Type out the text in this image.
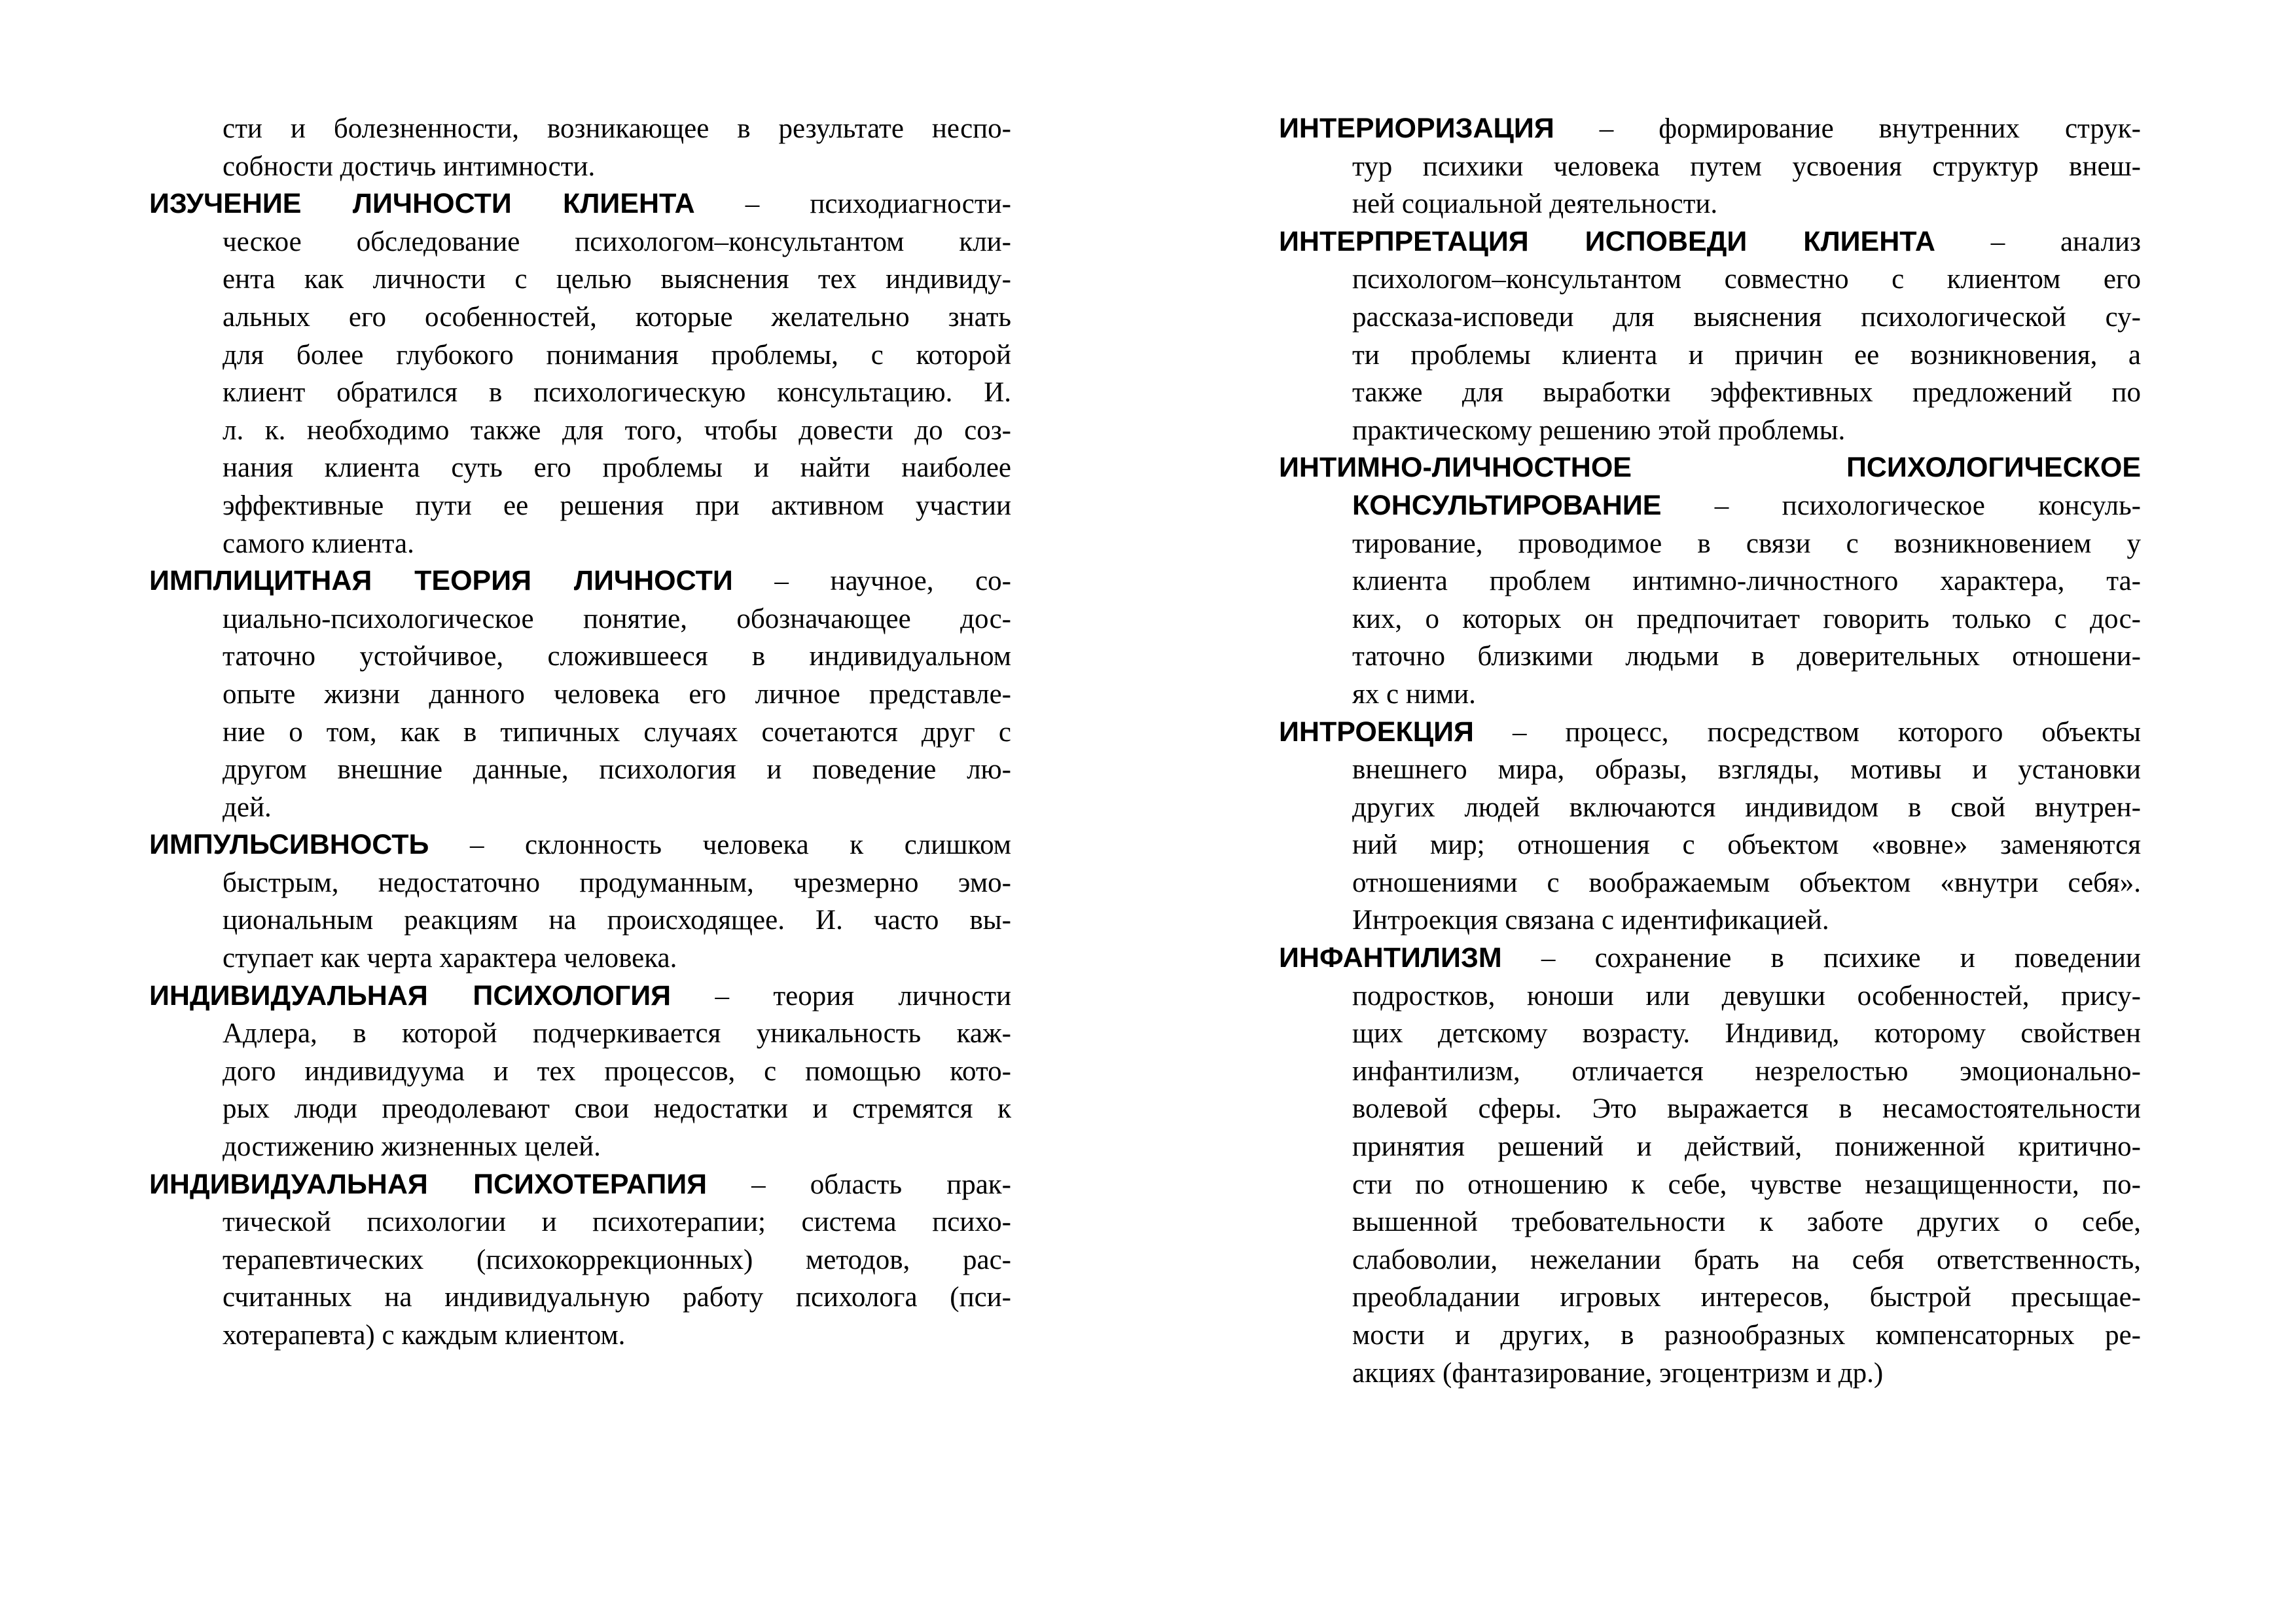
сти и болезненности, возникающее в результате неспо-
собности достичь интимности.
ИЗУЧЕНИЕ ЛИЧНОСТИ КЛИЕНТА – психодиагности-
ческое обследование психологом–консультантом кли-
ента как личности с целью выяснения тех индивиду-
альных его особенностей, которые желательно знать
для более глубокого понимания проблемы, с которой
клиент обратился в психологическую консультацию. И.
л. к. необходимо также для того, чтобы довести до соз-
нания клиента суть его проблемы и найти наиболее
эффективные пути ее решения при активном участии
самого клиента.
ИМПЛИЦИТНАЯ ТЕОРИЯ ЛИЧНОСТИ – научное, со-
циально-психологическое понятие, обозначающее дос-
таточно устойчивое, сложившееся в индивидуальном
опыте жизни данного человека его личное представле-
ние о том, как в типичных случаях сочетаются друг с
другом внешние данные, психология и поведение лю-
дей.
ИМПУЛЬСИВНОСТЬ – склонность человека к слишком
быстрым, недостаточно продуманным, чрезмерно эмо-
циональным реакциям на происходящее. И. часто вы-
ступает как черта характера человека.
ИНДИВИДУАЛЬНАЯ ПСИХОЛОГИЯ – теория личности
Адлера, в которой подчеркивается уникальность каж-
дого индивидуума и тех процессов, с помощью кото-
рых люди преодолевают свои недостатки и стремятся к
достижению жизненных целей.
ИНДИВИДУАЛЬНАЯ ПСИХОТЕРАПИЯ – область прак-
тической психологии и психотерапии; система психо-
терапевтических (психокоррекционных) методов, рас-
считанных на индивидуальную работу психолога (пси-
хотерапевта) с каждым клиентом.
ИНТЕРИОРИЗАЦИЯ – формирование внутренних струк-
тур психики человека путем усвоения структур внеш-
ней социальной деятельности.
ИНТЕРПРЕТАЦИЯ ИСПОВЕДИ КЛИЕНТА – анализ
психологом–консультантом совместно с клиентом его
рассказа-исповеди для выяснения психологической су-
ти проблемы клиента и причин ее возникновения, а
также для выработки эффективных предложений по
практическому решению этой проблемы.
ИНТИМНО-ЛИЧНОСТНОЕ ПСИХОЛОГИЧЕСКОЕ
КОНСУЛЬТИРОВАНИЕ – психологическое консуль-
тирование, проводимое в связи с возникновением у
клиента проблем интимно-личностного характера, та-
ких, о которых он предпочитает говорить только с дос-
таточно близкими людьми в доверительных отношени-
ях с ними.
ИНТРОЕКЦИЯ – процесс, посредством которого объекты
внешнего мира, образы, взгляды, мотивы и установки
других людей включаются индивидом в свой внутрен-
ний мир; отношения с объектом «вовне» заменяются
отношениями с воображаемым объектом «внутри себя».
Интроекция связана с идентификацией.
ИНФАНТИЛИЗМ – сохранение в психике и поведении
подростков, юноши или девушки особенностей, прису-
щих детскому возрасту. Индивид, которому свойствен
инфантилизм, отличается незрелостью эмоционально-
волевой сферы. Это выражается в несамостоятельности
принятия решений и действий, пониженной критично-
сти по отношению к себе, чувстве незащищенности, по-
вышенной требовательности к заботе других о себе,
слабоволии, нежелании брать на себя ответственность,
преобладании игровых интересов, быстрой пресыщае-
мости и других, в разнообразных компенсаторных ре-
акциях (фантазирование, эгоцентризм и др.)
